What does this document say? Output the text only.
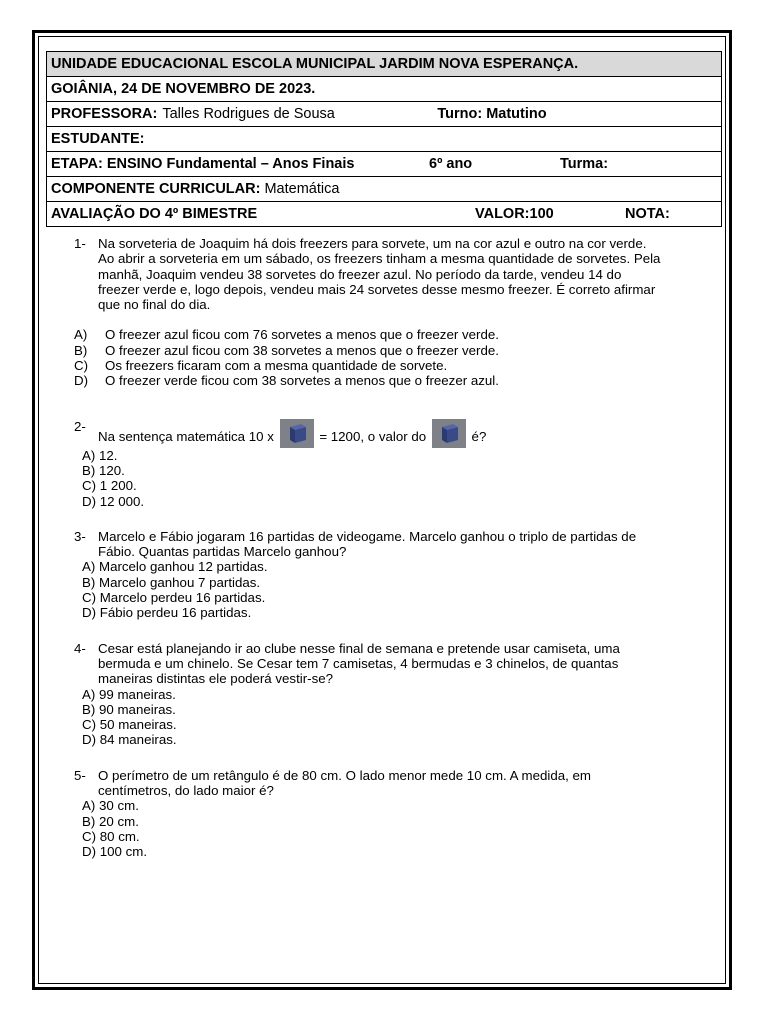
UNIDADE EDUCACIONAL ESCOLA MUNICIPAL JARDIM NOVA ESPERANÇA.
GOIÂNIA, 24 DE NOVEMBRO DE 2023.

PROFESSORA: Talles Rodrigues de Sousa	Turno: Matutino

ESTUDANTE:

ETAPA: ENSINO Fundamental – Anos Finais	6º ano	Turma:

COMPONENTE CURRICULAR: Matemática

AVALIAÇÃO DO 4º BIMESTRE	VALOR:100	NOTA:
1- Na sorveteria de Joaquim há dois freezers para sorvete, um na cor azul e outro na cor verde. Ao abrir a sorveteria em um sábado, os freezers tinham a mesma quantidade de sorvetes. Pela manhã, Joaquim vendeu 38 sorvetes do freezer azul. No período da tarde, vendeu 14 do freezer verde e, logo depois, vendeu mais 24 sorvetes desse mesmo freezer. É correto afirmar que no final do dia.
A)	O freezer azul ficou com 76 sorvetes a menos que o freezer verde.
B)	O freezer azul ficou com 38 sorvetes a menos que o freezer verde.
C)	Os freezers ficaram com a mesma quantidade de sorvete.
D)	O freezer verde ficou com 38 sorvetes a menos que o freezer azul.
2-
Na sentença matemática 10 x	= 1200, o valor do	é?
A) 12.
B) 120.
C) 1 200.
D) 12 000.
3- Marcelo e Fábio jogaram 16 partidas de videogame. Marcelo ganhou o triplo de partidas de Fábio. Quantas partidas Marcelo ganhou?
A) Marcelo ganhou 12 partidas.
B) Marcelo ganhou 7 partidas.
C) Marcelo perdeu 16 partidas.
D) Fábio perdeu 16 partidas.
4- Cesar está planejando ir ao clube nesse final de semana e pretende usar camiseta, uma bermuda e um chinelo. Se Cesar tem 7 camisetas, 4 bermudas e 3 chinelos, de quantas maneiras distintas ele poderá vestir-se?
A) 99 maneiras.
B) 90 maneiras.
C) 50 maneiras.
D) 84 maneiras.
5- O perímetro de um retângulo é de 80 cm. O lado menor mede 10 cm. A medida, em centímetros, do lado maior é?
A) 30 cm.
B) 20 cm.
C) 80 cm.
D) 100 cm.
